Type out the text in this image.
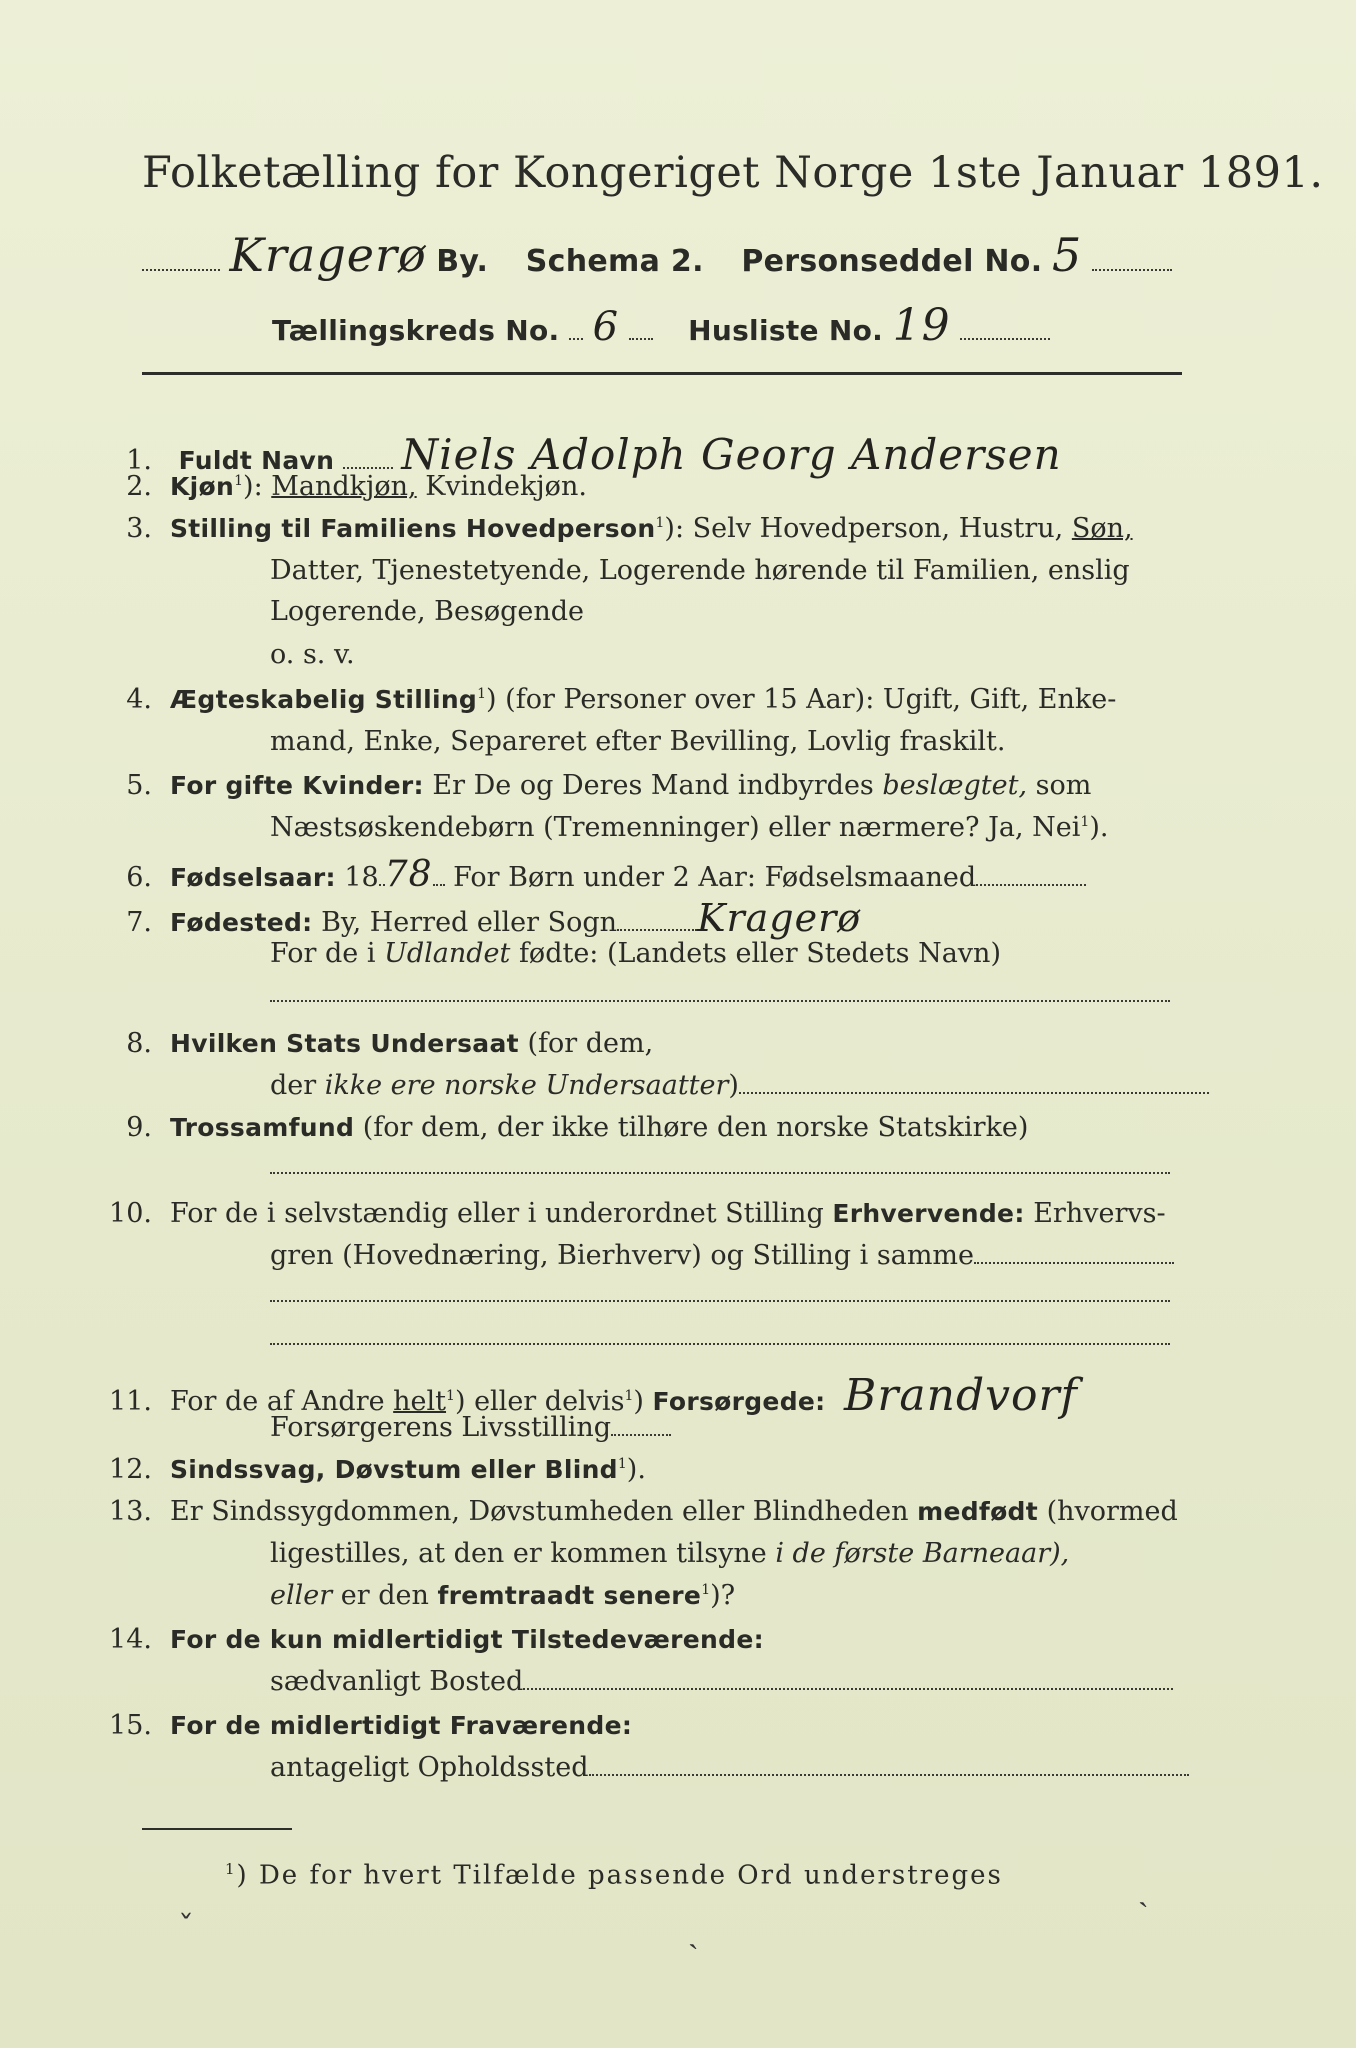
Folketælling for Kongeriget Norge 1ste Januar 1891.
Kragerø By. Schema 2. Personseddel No. 5
Tællingskreds No. 6 Husliste No. 19
1. Fuldt Navn Niels Adolph Georg Andersen
2. Kjøn$^1$): Mandkjøn, Kvindekjøn.
3. Stilling til Familiens Hovedperson$^1$): Selv Hovedperson, Hustru, Søn,
Datter, Tjenestetyende, Logerende hørende til Familien, enslig
Logerende, Besøgende
o. s. v.
4. Ægteskabelig Stilling$^1$) (for Personer over 15 Aar): Ugift, Gift, Enke-
mand, Enke, Separeret efter Bevilling, Lovlig fraskilt.
5. For gifte Kvinder: Er De og Deres Mand indbyrdes beslægtet, som
Næstsøskendebørn (Tremenninger) eller nærmere? Ja, Nei$^1$).
6. Fødselsaar: 18 78 For Børn under 2 Aar: Fødselsmaaned
7. Fødested: By, Herred eller Sogn Kragerø
For de i Udlandet fødte: (Landets eller Stedets Navn)
8. Hvilken Stats Undersaat (for dem,
der ikke ere norske Undersaatter)
9. Trossamfund (for dem, der ikke tilhøre den norske Statskirke)
10. For de i selvstændig eller i underordnet Stilling Erhvervende: Erhvervs-
gren (Hovednæring, Bierhverv) og Stilling i samme
11. For de af Andre helt$^1$) eller delvis$^1$) Forsørgede: Brandvorf
Forsørgerens Livsstilling
12. Sindssvag, Døvstum eller Blind$^1$).
13. Er Sindssygdommen, Døvstumheden eller Blindheden medfødt (hvormed
ligestilles, at den er kommen tilsyne i de første Barneaar),
eller er den fremtraadt senere$^1$)?
14. For de kun midlertidigt Tilstedeværende:
sædvanligt Bosted
15. For de midlertidigt Fraværende:
antageligt Opholdssted
$^1$) De for hvert Tilfælde passende Ord understreges
ˇ	ˎ
ˏ
